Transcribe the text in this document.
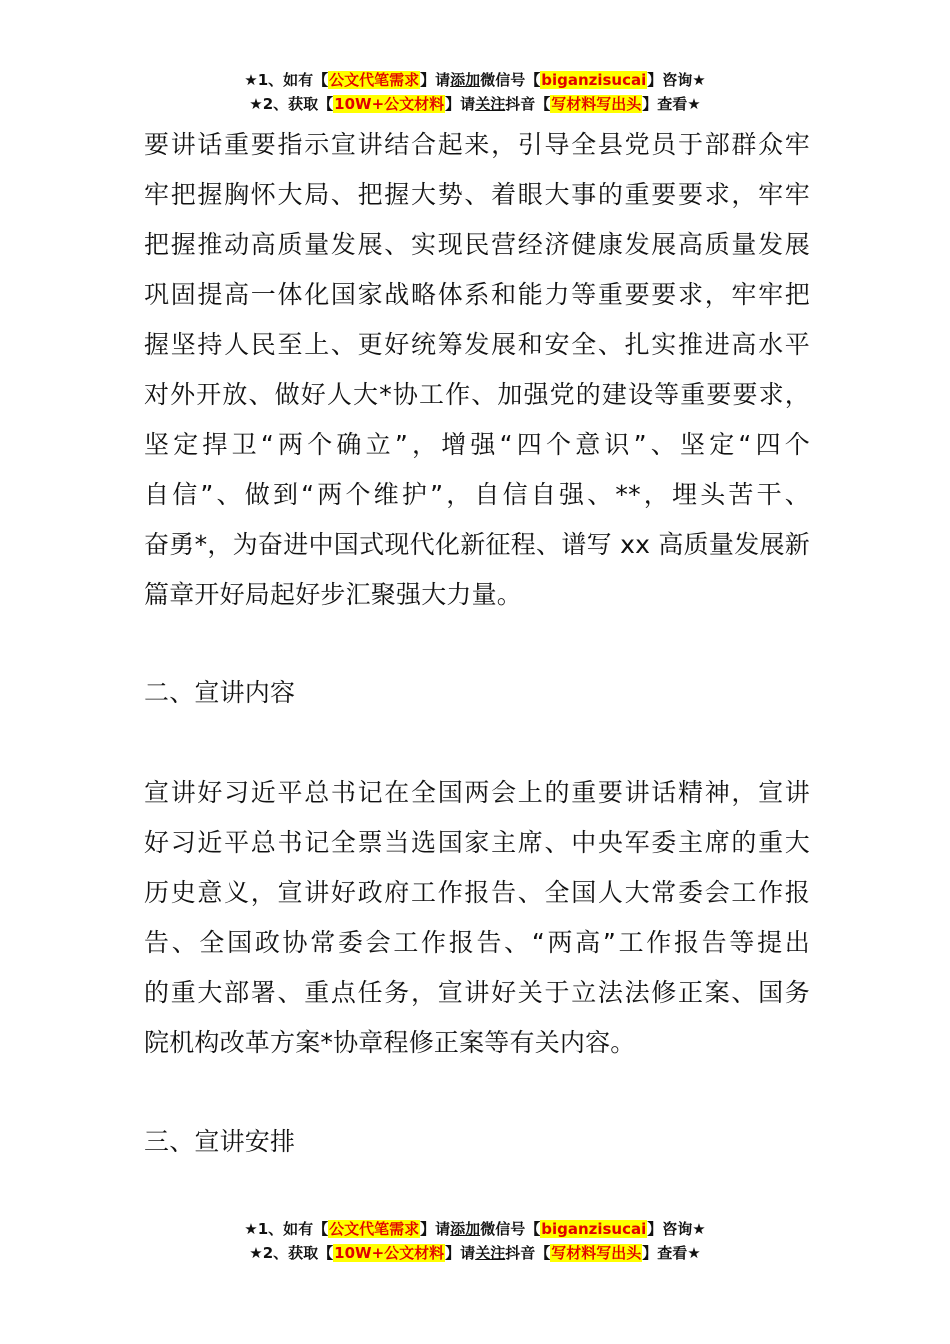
★1、如有【公文代笔需求】请添加微信号【biganzisucai】咨询★
★2、获取【10W+公文材料】请关注抖音【写材料写出头】查看★
要讲话重要指示宣讲结合起来，引导全县党员于部群众牢
牢把握胸怀大局、把握大势、着眼大事的重要要求，牢牢
把握推动高质量发展、实现民营经济健康发展高质量发展
巩固提高一体化国家战略体系和能力等重要要求，牢牢把
握坚持人民至上、更好统筹发展和安全、扎实推进高水平
对外开放、做好人大*协工作、加强党的建设等重要要求，
坚定捍卫“两个确立”，增强“四个意识”、坚定“四个
自信”、做到“两个维护”，自信自强、**，埋头苦干、
奋勇*，为奋进中国式现代化新征程、谱写 xx 高质量发展新
篇章开好局起好步汇聚强大力量。
二、宣讲内容
宣讲好习近平总书记在全国两会上的重要讲话精神，宣讲
好习近平总书记全票当选国家主席、中央军委主席的重大
历史意义，宣讲好政府工作报告、全国人大常委会工作报
告、全国政协常委会工作报告、“两高”工作报告等提出
的重大部署、重点任务，宣讲好关于立法法修正案、国务
院机构改革方案*协章程修正案等有关内容。
三、宣讲安排
★1、如有【公文代笔需求】请添加微信号【biganzisucai】咨询★
★2、获取【10W+公文材料】请关注抖音【写材料写出头】查看★
